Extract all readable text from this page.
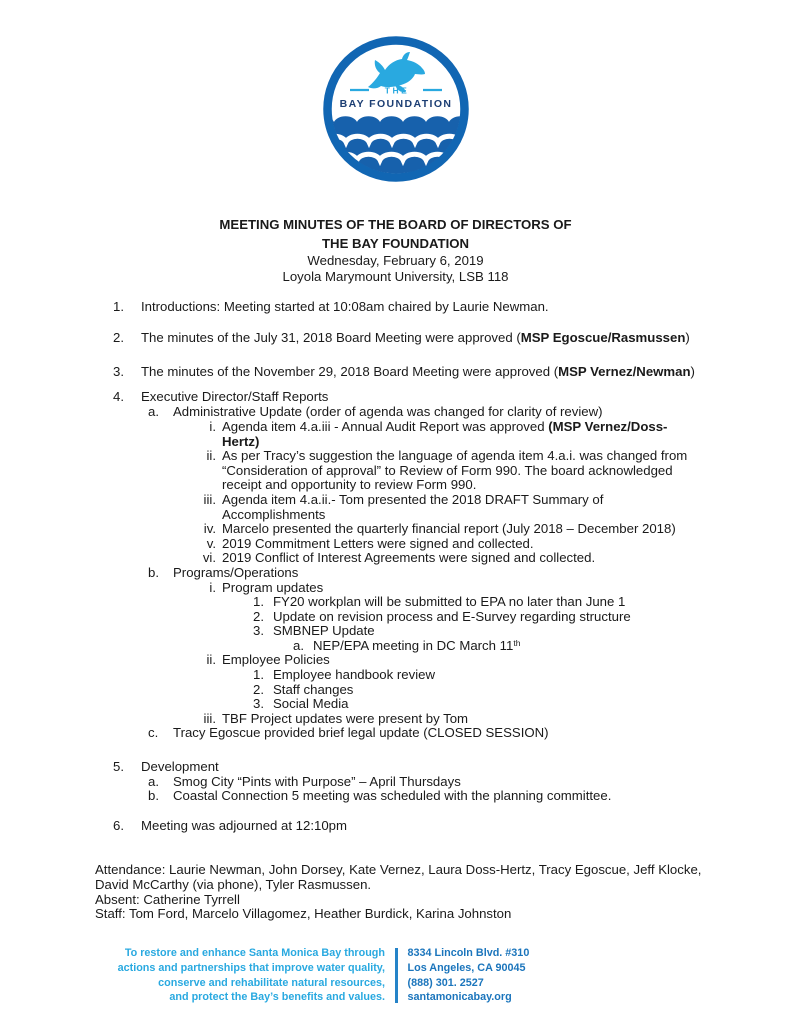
THE
BAY FOUNDATION
MEETING MINUTES OF THE BOARD OF DIRECTORS OF
THE BAY FOUNDATION
Wednesday, February 6, 2019
Loyola Marymount University, LSB 118
1.	Introductions: Meeting started at 10:08am chaired by Laurie Newman.
2.	The minutes of the July 31, 2018 Board Meeting were approved (MSP Egoscue/Rasmussen)
3.	The minutes of the November 29, 2018 Board Meeting were approved (MSP Vernez/Newman)
4.	Executive Director/Staff Reports
a.	Administrative Update (order of agenda was changed for clarity of review)
i. Agenda item 4.a.iii - Annual Audit Report was approved (MSP Vernez/Doss-
Hertz)
ii. As per Tracy’s suggestion the language of agenda item 4.a.i. was changed from
“Consideration of approval” to Review of Form 990. The board acknowledged
receipt and opportunity to review Form 990.
iii. Agenda item 4.a.ii.- Tom presented the 2018 DRAFT Summary of
Accomplishments
iv. Marcelo presented the quarterly financial report (July 2018 – December 2018)
v. 2019 Commitment Letters were signed and collected.
vi. 2019 Conflict of Interest Agreements were signed and collected.
b.	Programs/Operations
i. Program updates
1. FY20 workplan will be submitted to EPA no later than June 1
2. Update on revision process and E-Survey regarding structure
3. SMBNEP Update
a. NEP/EPA meeting in DC March 11th
ii. Employee Policies
1. Employee handbook review
2. Staff changes
3. Social Media
iii. TBF Project updates were present by Tom
c.	Tracy Egoscue provided brief legal update (CLOSED SESSION)
5.	Development
a.	Smog City “Pints with Purpose” – April Thursdays
b.	Coastal Connection 5 meeting was scheduled with the planning committee.
6.	Meeting was adjourned at 12:10pm
Attendance: Laurie Newman, John Dorsey, Kate Vernez, Laura Doss-Hertz, Tracy Egoscue, Jeff Klocke,
David McCarthy (via phone), Tyler Rasmussen.
Absent: Catherine Tyrrell
Staff: Tom Ford, Marcelo Villagomez, Heather Burdick, Karina Johnston
To restore and enhance Santa Monica Bay through
actions and partnerships that improve water quality,
conserve and rehabilitate natural resources,
and protect the Bay’s benefits and values.
8334 Lincoln Blvd. #310
Los Angeles, CA 90045
(888) 301. 2527
santamonicabay.org
